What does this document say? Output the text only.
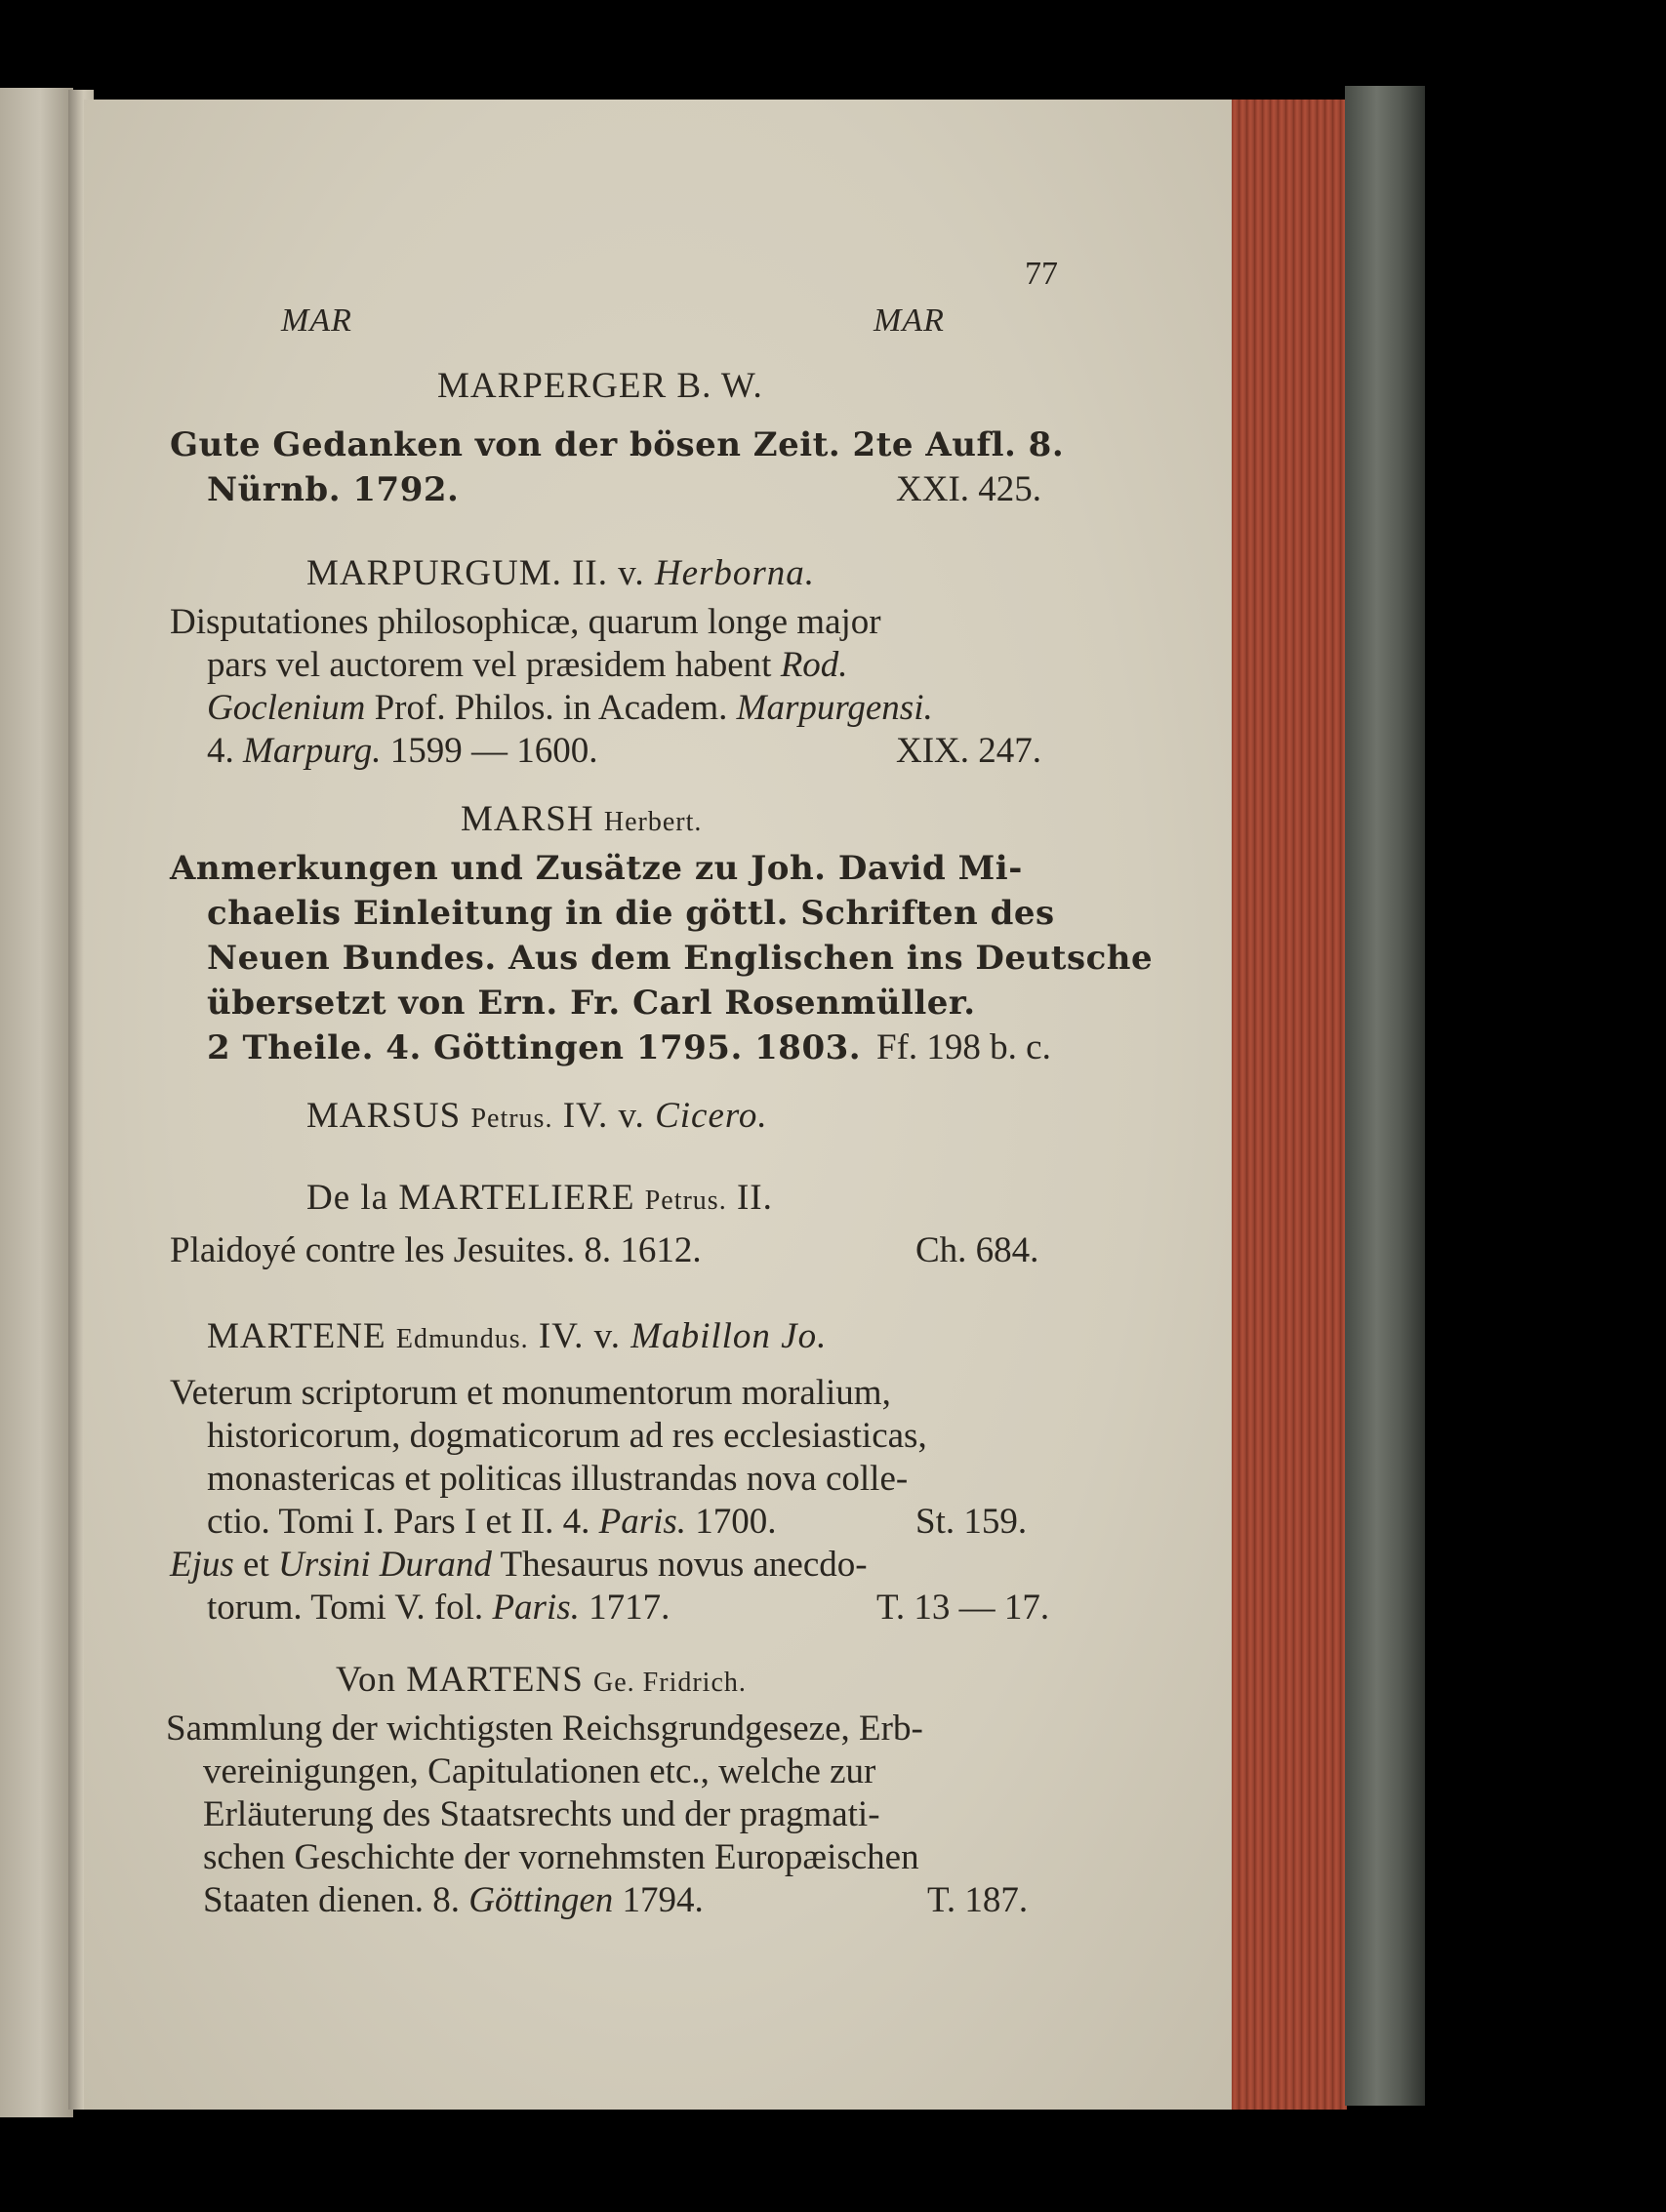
77
MAR	MAR
MARPERGER B. W.
Gute Gedanken von der bösen Zeit. 2te Aufl. 8.
Nürnb. 1792.	XXI. 425.
MARPURGUM. II. v. Herborna.
Disputationes philosophicæ, quarum longe major
pars vel auctorem vel præsidem habent Rod.
Goclenium Prof. Philos. in Academ. Marpurgensi.
4. Marpurg. 1599 — 1600.	XIX. 247.
MARSH Herbert.
Anmerkungen und Zusätze zu Joh. David Mi-
chaelis Einleitung in die göttl. Schriften des
Neuen Bundes. Aus dem Englischen ins Deutsche
übersetzt von Ern. Fr. Carl Rosenmüller.
2 Theile. 4. Göttingen 1795. 1803. Ff. 198 b. c.
MARSUS Petrus. IV. v. Cicero.
De la MARTELIERE Petrus. II.
Plaidoyé contre les Jesuites. 8. 1612.	Ch. 684.
MARTENE Edmundus. IV. v. Mabillon Jo.
Veterum scriptorum et monumentorum moralium,
historicorum, dogmaticorum ad res ecclesiasticas,
monastericas et politicas illustrandas nova colle-
ctio. Tomi I. Pars I et II. 4. Paris. 1700.	St. 159.
Ejus et Ursini Durand Thesaurus novus anecdo-
torum. Tomi V. fol. Paris. 1717.	T. 13 — 17.
Von MARTENS Ge. Fridrich.
Sammlung der wichtigsten Reichsgrundgeseze, Erb-
vereinigungen, Capitulationen etc., welche zur
Erläuterung des Staatsrechts und der pragmati-
schen Geschichte der vornehmsten Europæischen
Staaten dienen. 8. Göttingen 1794.	T. 187.
